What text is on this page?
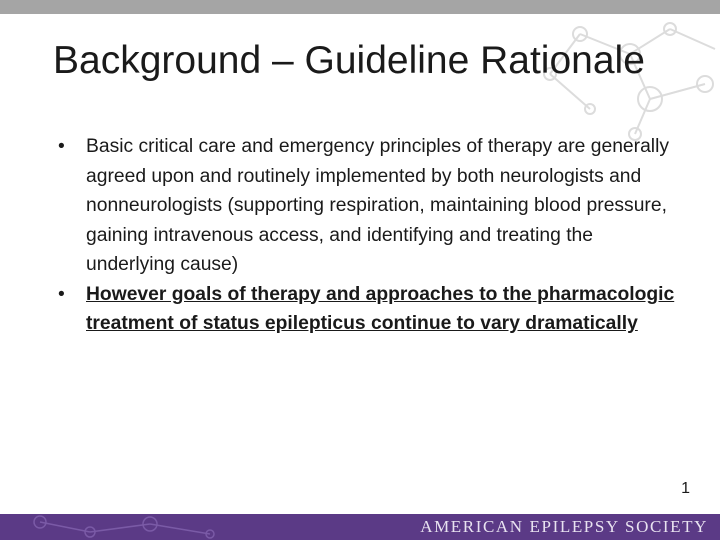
Background – Guideline Rationale
•	Basic critical care and emergency principles of therapy are generally agreed upon and routinely implemented by both neurologists and nonneurologists (supporting respiration, maintaining blood pressure, gaining intravenous access, and identifying and treating the underlying cause)
•	However goals of therapy and approaches to the pharmacologic treatment of status epilepticus continue to vary dramatically
1
AMERICAN EPILEPSY SOCIETY
